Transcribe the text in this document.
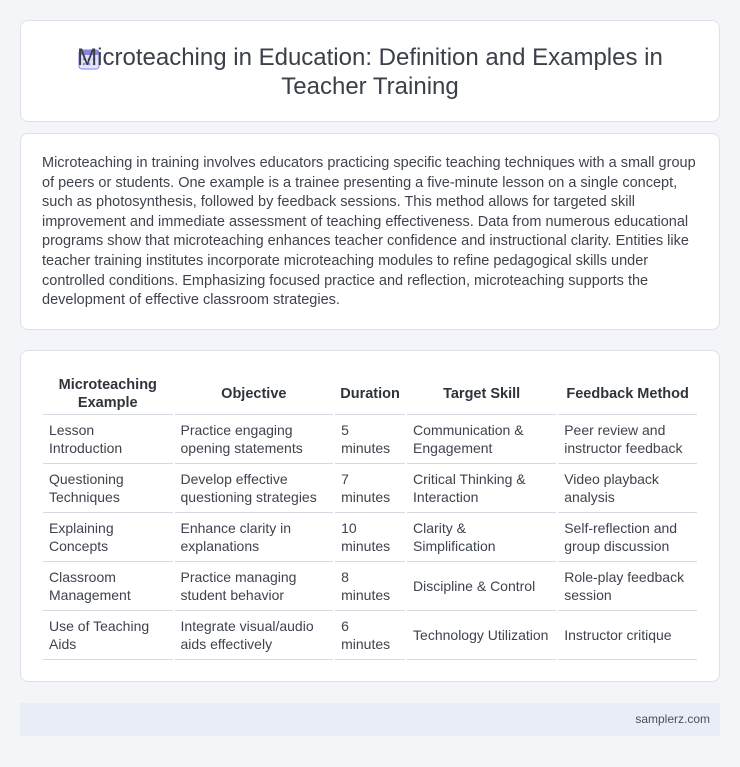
Microteaching in Education: Definition and Examples in
Teacher Training

Microteaching in training involves educators practicing specific teaching techniques with a small group of peers or students. One example is a trainee presenting a five-minute lesson on a single concept, such as photosynthesis, followed by feedback sessions. This method allows for targeted skill improvement and immediate assessment of teaching effectiveness. Data from numerous educational programs show that microteaching enhances teacher confidence and instructional clarity. Entities like teacher training institutes incorporate microteaching modules to refine pedagogical skills under controlled conditions. Emphasizing focused practice and reflection, microteaching supports the development of effective classroom strategies.

Microteaching Example	Objective	Duration	Target Skill	Feedback Method
Lesson Introduction	Practice engaging opening statements	5 minutes	Communication & Engagement	Peer review and instructor feedback
Questioning Techniques	Develop effective questioning strategies	7 minutes	Critical Thinking & Interaction	Video playback analysis
Explaining Concepts	Enhance clarity in explanations	10 minutes	Clarity & Simplification	Self-reflection and group discussion
Classroom Management	Practice managing student behavior	8 minutes	Discipline & Control	Role-play feedback session
Use of Teaching Aids	Integrate visual/audio aids effectively	6 minutes	Technology Utilization	Instructor critique
samplerz.com
